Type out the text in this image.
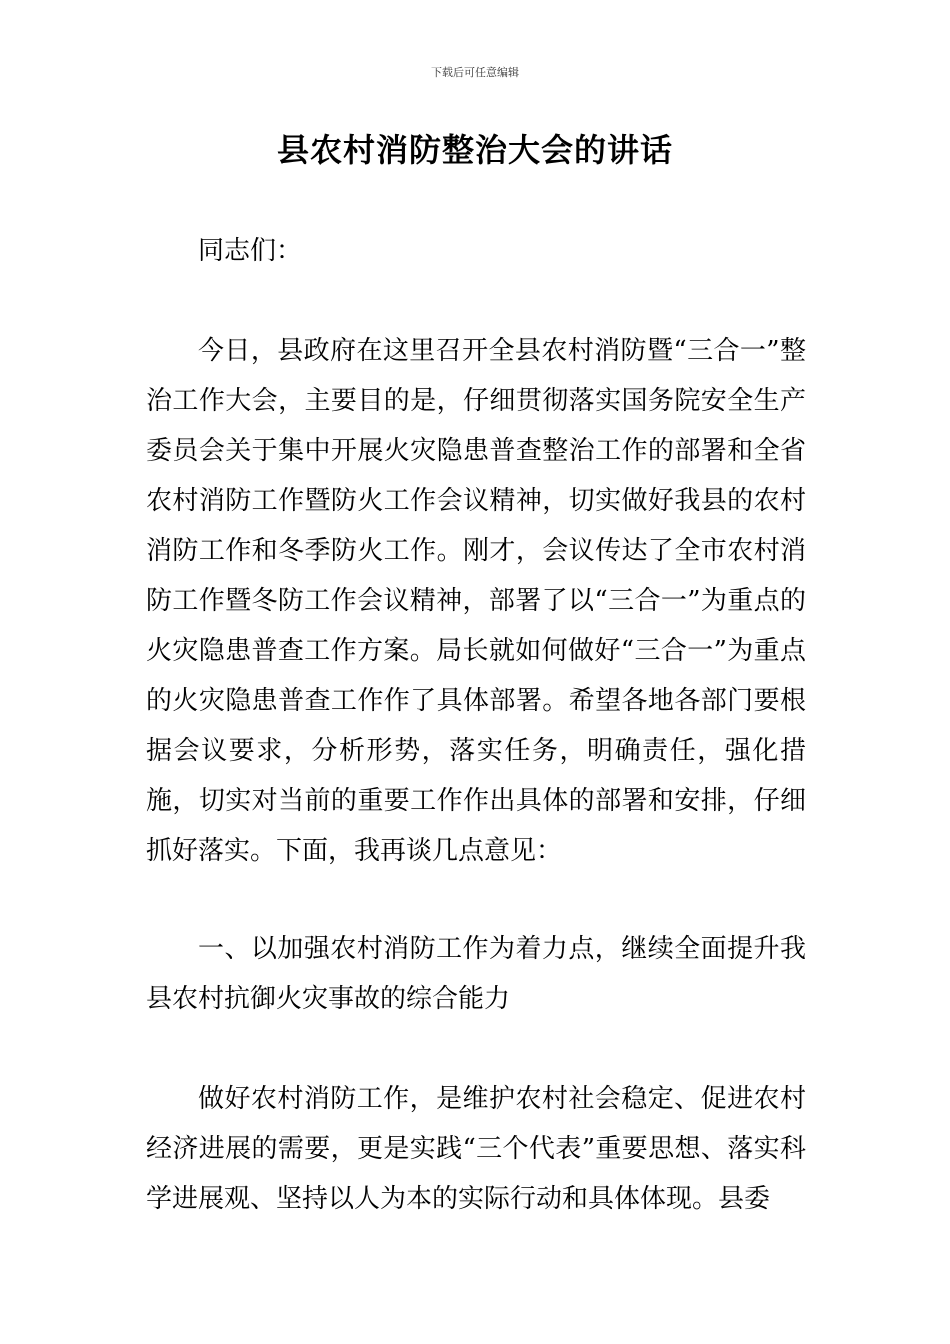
下载后可任意编辑
县农村消防整治大会的讲话

同志们：

今日，县政府在这里召开全县农村消防暨“三合一”整治工作大会，主要目的是，仔细贯彻落实国务院安全生产委员会关于集中开展火灾隐患普查整治工作的部署和全省农村消防工作暨防火工作会议精神，切实做好我县的农村消防工作和冬季防火工作。刚才，会议传达了全市农村消防工作暨冬防工作会议精神，部署了以“三合一”为重点的火灾隐患普查工作方案。局长就如何做好“三合一”为重点的火灾隐患普查工作作了具体部署。希望各地各部门要根据会议要求，分析形势，落实任务，明确责任，强化措施，切实对当前的重要工作作出具体的部署和安排，仔细抓好落实。下面，我再谈几点意见：

一、以加强农村消防工作为着力点，继续全面提升我县农村抗御火灾事故的综合能力

做好农村消防工作，是维护农村社会稳定、促进农村经济进展的需要，更是实践“三个代表”重要思想、落实科学进展观、坚持以人为本的实际行动和具体体现。县委
